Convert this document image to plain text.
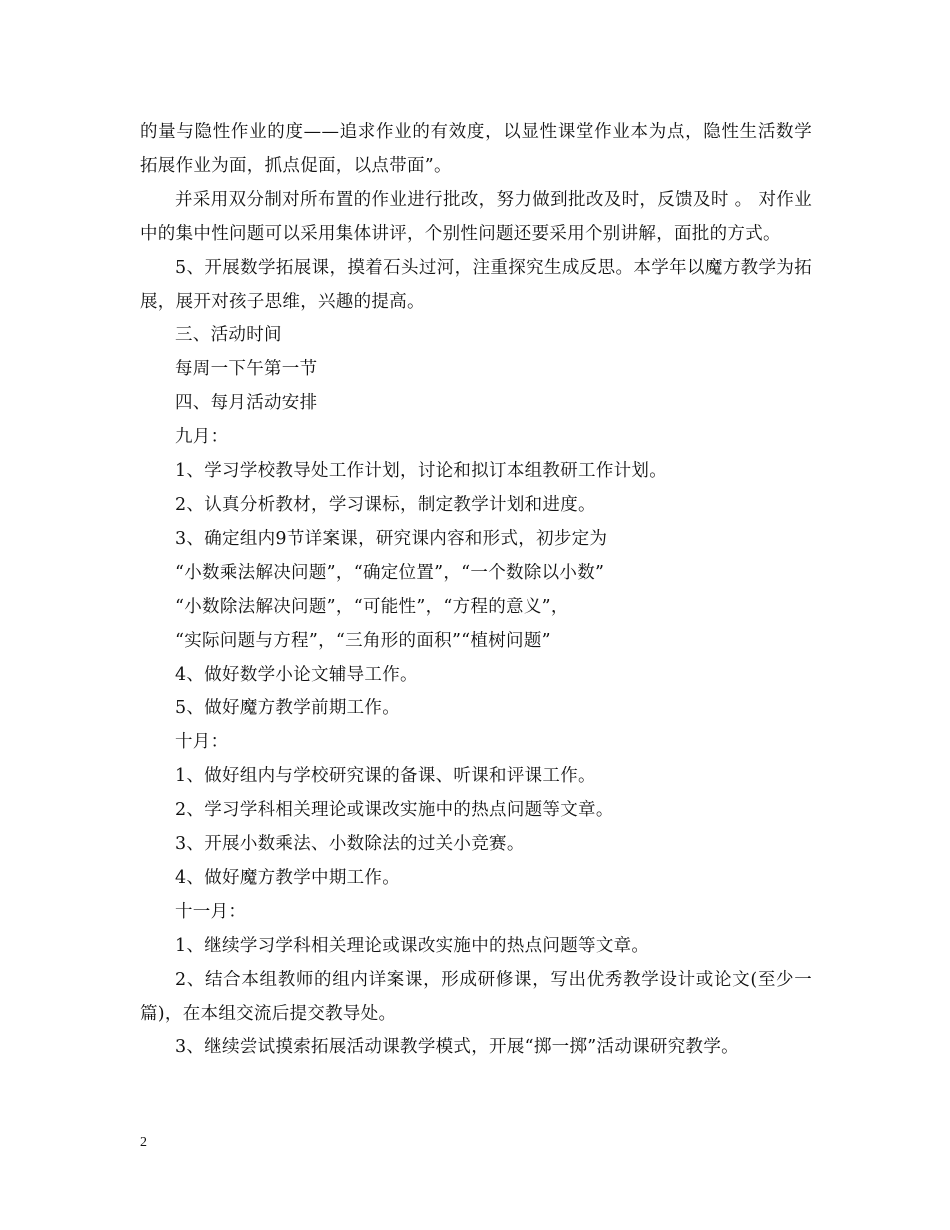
的量与隐性作业的度——追求作业的有效度，以显性课堂作业本为点，隐性生活数学拓展作业为面，抓点促面，以点带面”。

并采用双分制对所布置的作业进行批改，努力做到批改及时，反馈及时 。 对作业中的集中性问题可以采用集体讲评，个别性问题还要采用个别讲解，面批的方式。

5、开展数学拓展课，摸着石头过河，注重探究生成反思。本学年以魔方教学为拓展，展开对孩子思维，兴趣的提高。

三、活动时间

每周一下午第一节

四、每月活动安排

九月：

1、学习学校教导处工作计划，讨论和拟订本组教研工作计划。

2、认真分析教材，学习课标，制定教学计划和进度。

3、确定组内9节详案课，研究课内容和形式，初步定为

“小数乘法解决问题”，“确定位置”，“一个数除以小数”

“小数除法解决问题”，“可能性”，“方程的意义”，

“实际问题与方程”，“三角形的面积”“植树问题”

4、做好数学小论文辅导工作。

5、做好魔方教学前期工作。

十月：

1、做好组内与学校研究课的备课、听课和评课工作。

2、学习学科相关理论或课改实施中的热点问题等文章。

3、开展小数乘法、小数除法的过关小竞赛。

4、做好魔方教学中期工作。

十一月：

1、继续学习学科相关理论或课改实施中的热点问题等文章。

2、结合本组教师的组内详案课，形成研修课，写出优秀教学设计或论文(至少一篇)，在本组交流后提交教导处。

3、继续尝试摸索拓展活动课教学模式，开展“掷一掷”活动课研究教学。

2
